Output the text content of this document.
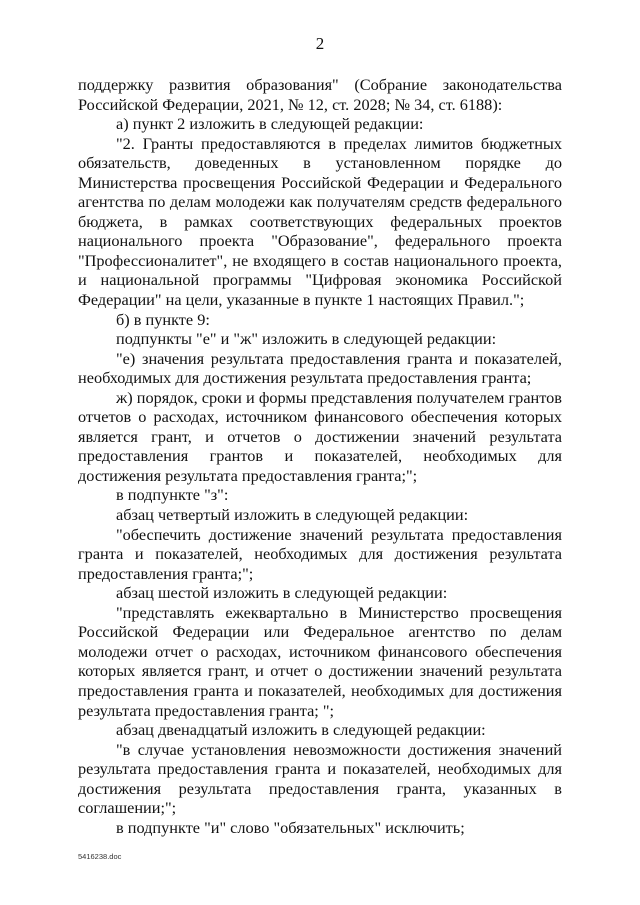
2

поддержку развития образования" (Собрание законодательства Российской Федерации, 2021, № 12, ст. 2028; № 34, ст. 6188):

а) пункт 2 изложить в следующей редакции:

"2. Гранты предоставляются в пределах лимитов бюджетных обязательств, доведенных в установленном порядке до Министерства просвещения Российской Федерации и Федерального агентства по делам молодежи как получателям средств федерального бюджета, в рамках соответствующих федеральных проектов национального проекта "Образование", федерального проекта "Профессионалитет", не входящего в состав национального проекта, и национальной программы "Цифровая экономика Российской Федерации" на цели, указанные в пункте 1 настоящих Правил.";

б) в пункте 9:

подпункты "е" и "ж" изложить в следующей редакции:

"е) значения результата предоставления гранта и показателей, необходимых для достижения результата предоставления гранта;

ж) порядок, сроки и формы представления получателем грантов отчетов о расходах, источником финансового обеспечения которых является грант, и отчетов о достижении значений результата предоставления грантов и показателей, необходимых для достижения результата предоставления гранта;";

в подпункте "з":

абзац четвертый изложить в следующей редакции:

"обеспечить достижение значений результата предоставления гранта и показателей, необходимых для достижения результата предоставления гранта;";

абзац шестой изложить в следующей редакции:

"представлять ежеквартально в Министерство просвещения Российской Федерации или Федеральное агентство по делам молодежи отчет о расходах, источником финансового обеспечения которых является грант, и отчет о достижении значений результата предоставления гранта и показателей, необходимых для достижения результата предоставления гранта; ";

абзац двенадцатый изложить в следующей редакции:

"в случае установления невозможности достижения значений результата предоставления гранта и показателей, необходимых для достижения результата предоставления гранта, указанных в соглашении;";

в подпункте "и" слово "обязательных" исключить;

5416238.doc
